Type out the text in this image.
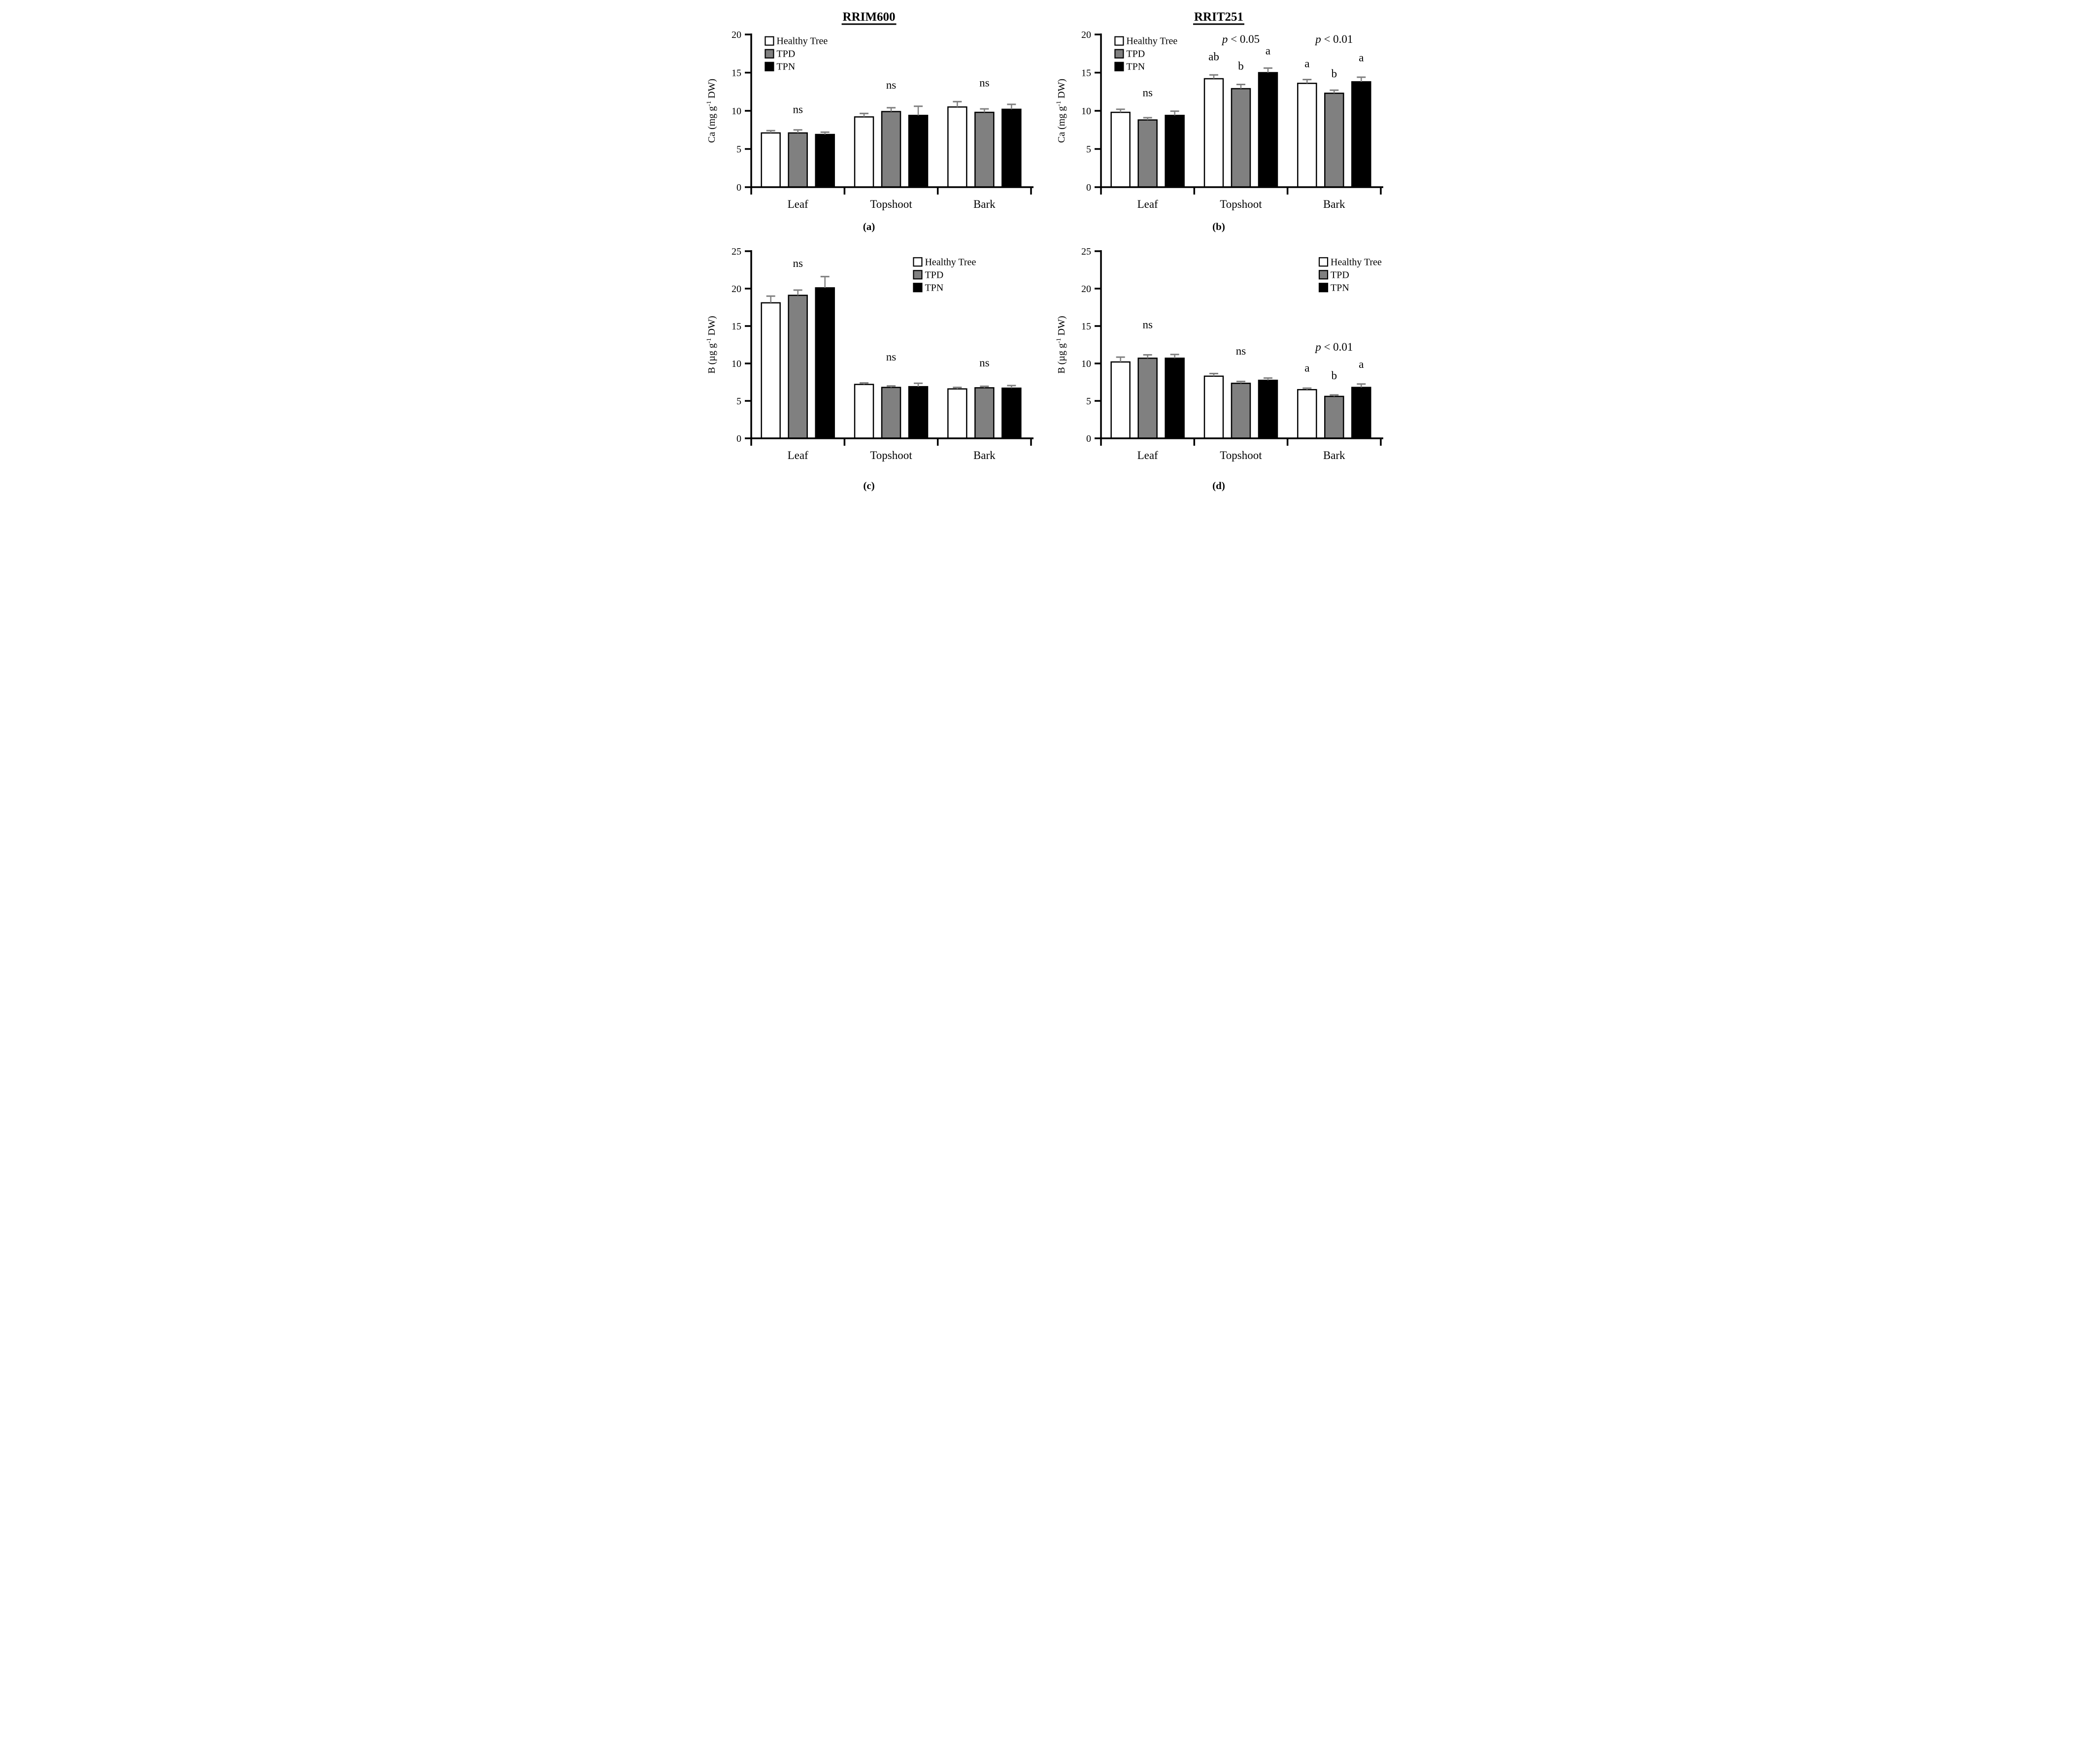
0
5
10
15
20
Leaf	Topshoot	Bark
Ca (mg $g^{-1}$ DW)
RRIM600
Healthy Tree
TPD
TPN
ns
ns	ns
(a)
0
5
10
15
20
Leaf	Topshoot	Bark
Ca (mg $g^{-1}$ DW)
RRIT251
Healthy Tree
TPD
TPN
ns
p < 0.05
ab
b
a
p < 0.01
a
b
a
(b)
0
5
10
15
20
25
Leaf	Topshoot	Bark
B (µg $g^{-1}$ DW)
Healthy Tree
TPD
TPN
ns
ns	ns
(c)
0
5
10
15
20
25
Leaf	Topshoot	Bark
B (µg $g^{-1}$ DW)
Healthy Tree
TPD
TPN
ns
ns	p < 0.01
a
b
a
(d)
